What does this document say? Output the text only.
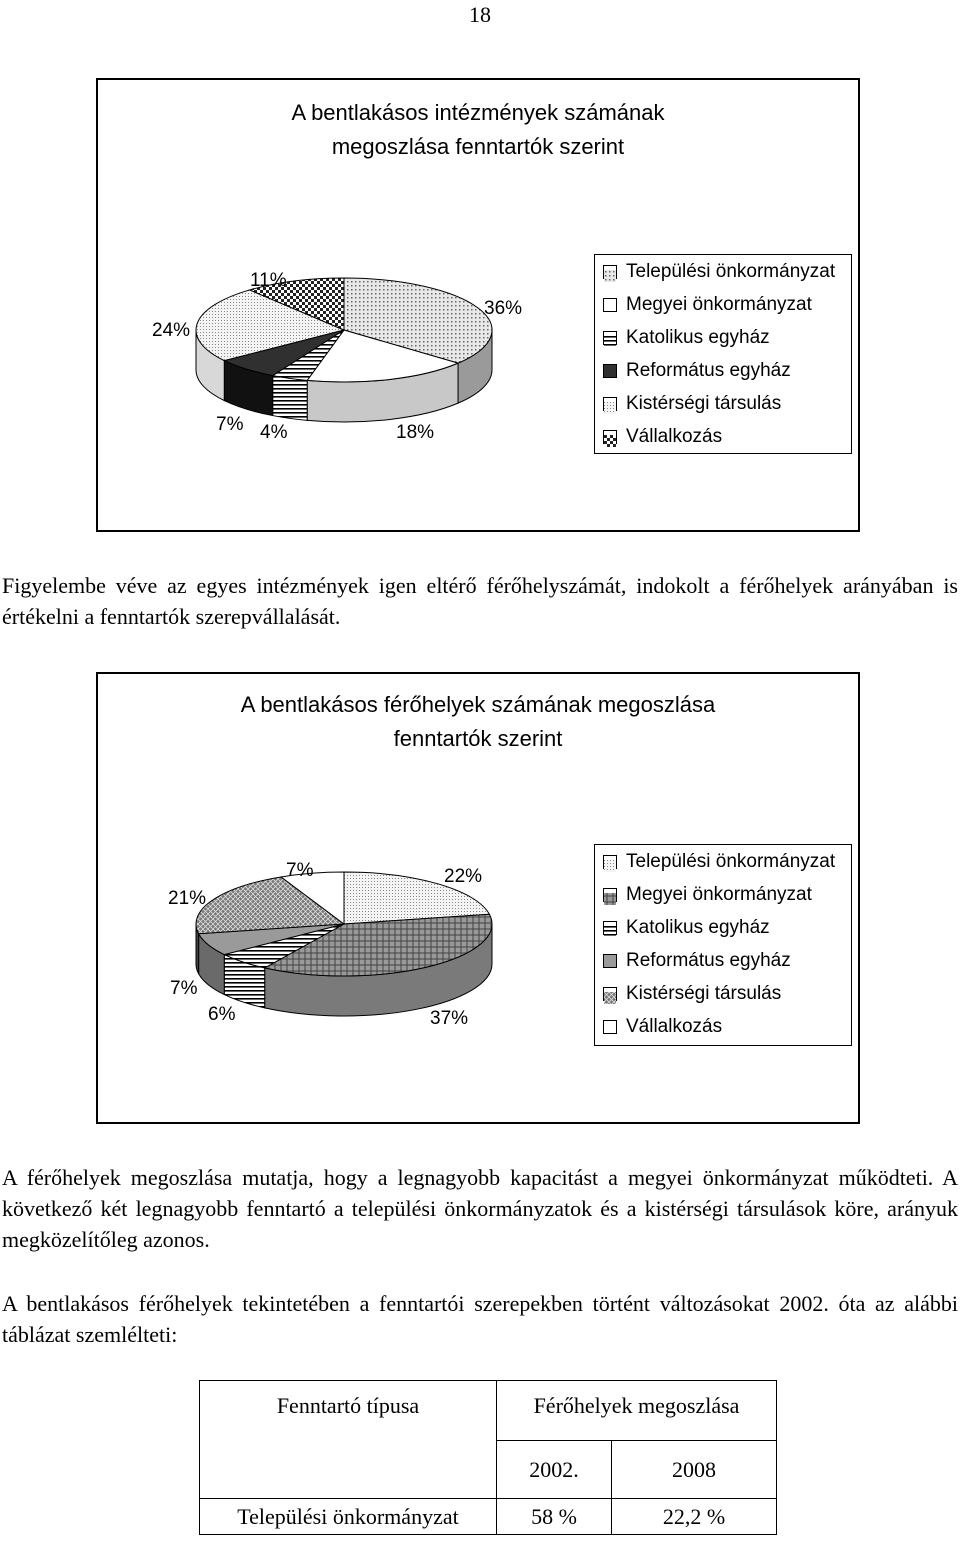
18
A bentlakásos intézmények számának
megoszlása fenntartók szerint
36%
18%
4%
7%
24%
11%	Települési önkormányzat
Megyei önkormányzat
Katolikus egyház
Református egyház
Kistérségi társulás
Vállalkozás
Figyelembe véve az egyes intézmények igen eltérő férőhelyszámát, indokolt a férőhelyek arányában is értékelni a fenntartók szerepvállalását.
A bentlakásos férőhelyek számának megoszlása
fenntartók szerint
22%
37%
6%
7%
21%
7%	Települési önkormányzat
Megyei önkormányzat
Katolikus egyház
Református egyház
Kistérségi társulás
Vállalkozás
A férőhelyek megoszlása mutatja, hogy a legnagyobb kapacitást a megyei önkormányzat működteti. A következő két legnagyobb fenntartó a települési önkormányzatok és a kistérségi társulások köre, arányuk megközelítőleg azonos.
A bentlakásos férőhelyek tekintetében a fenntartói szerepekben történt változásokat 2002. óta az alábbi táblázat szemlélteti:
Fenntartó típusa	Férőhelyek megoszlása	
	2002.	2008
Települési önkormányzat	58 %	22,2 %
